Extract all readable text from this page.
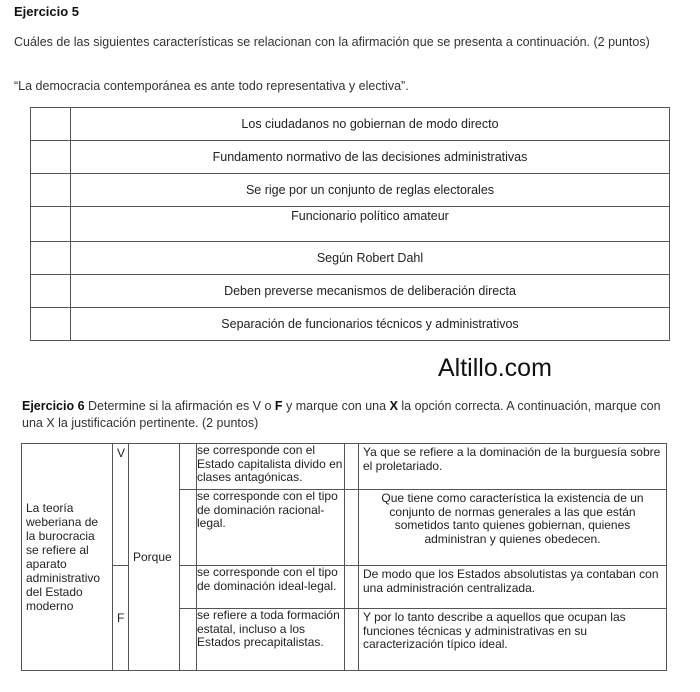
Ejercicio 5
Cuáles de las siguientes características se relacionan con la afirmación que se presenta a continuación. (2 puntos)
“La democracia contemporánea es ante todo representativa y electiva”.
	Los ciudadanos no gobiernan de modo directo
	Fundamento normativo de las decisiones administrativas
	Se rige por un conjunto de reglas electorales
	Funcionario político amateur
	Según Robert Dahl
	Deben preverse mecanismos de deliberación directa
	Separación de funcionarios técnicos y administrativos
Altillo.com
Ejercicio 6 Determine si la afirmación es V o F y marque con una X la opción correcta. A continuación, marque con una X la justificación pertinente. (2 puntos)
La teoría weberiana de la burocracia se refiere al aparato administrativo del Estado moderno	V	Porque		se corresponde con el Estado capitalista divido en clases antagónicas.		Ya que se refiere a la dominación de la burguesía sobre el proletariado.
				se corresponde con el tipo de dominación racional-legal.		Que tiene como característica la existencia de un conjunto de normas generales a las que están sometidos tanto quienes gobiernan, quienes administran y quienes obedecen.
	F			se corresponde con el tipo de dominación ideal-legal.		De modo que los Estados absolutistas ya contaban con una administración centralizada.
				se refiere a toda formación estatal, incluso a los Estados precapitalistas.		Y por lo tanto describe a aquellos que ocupan las funciones técnicas y administrativas en su caracterización típico ideal.
